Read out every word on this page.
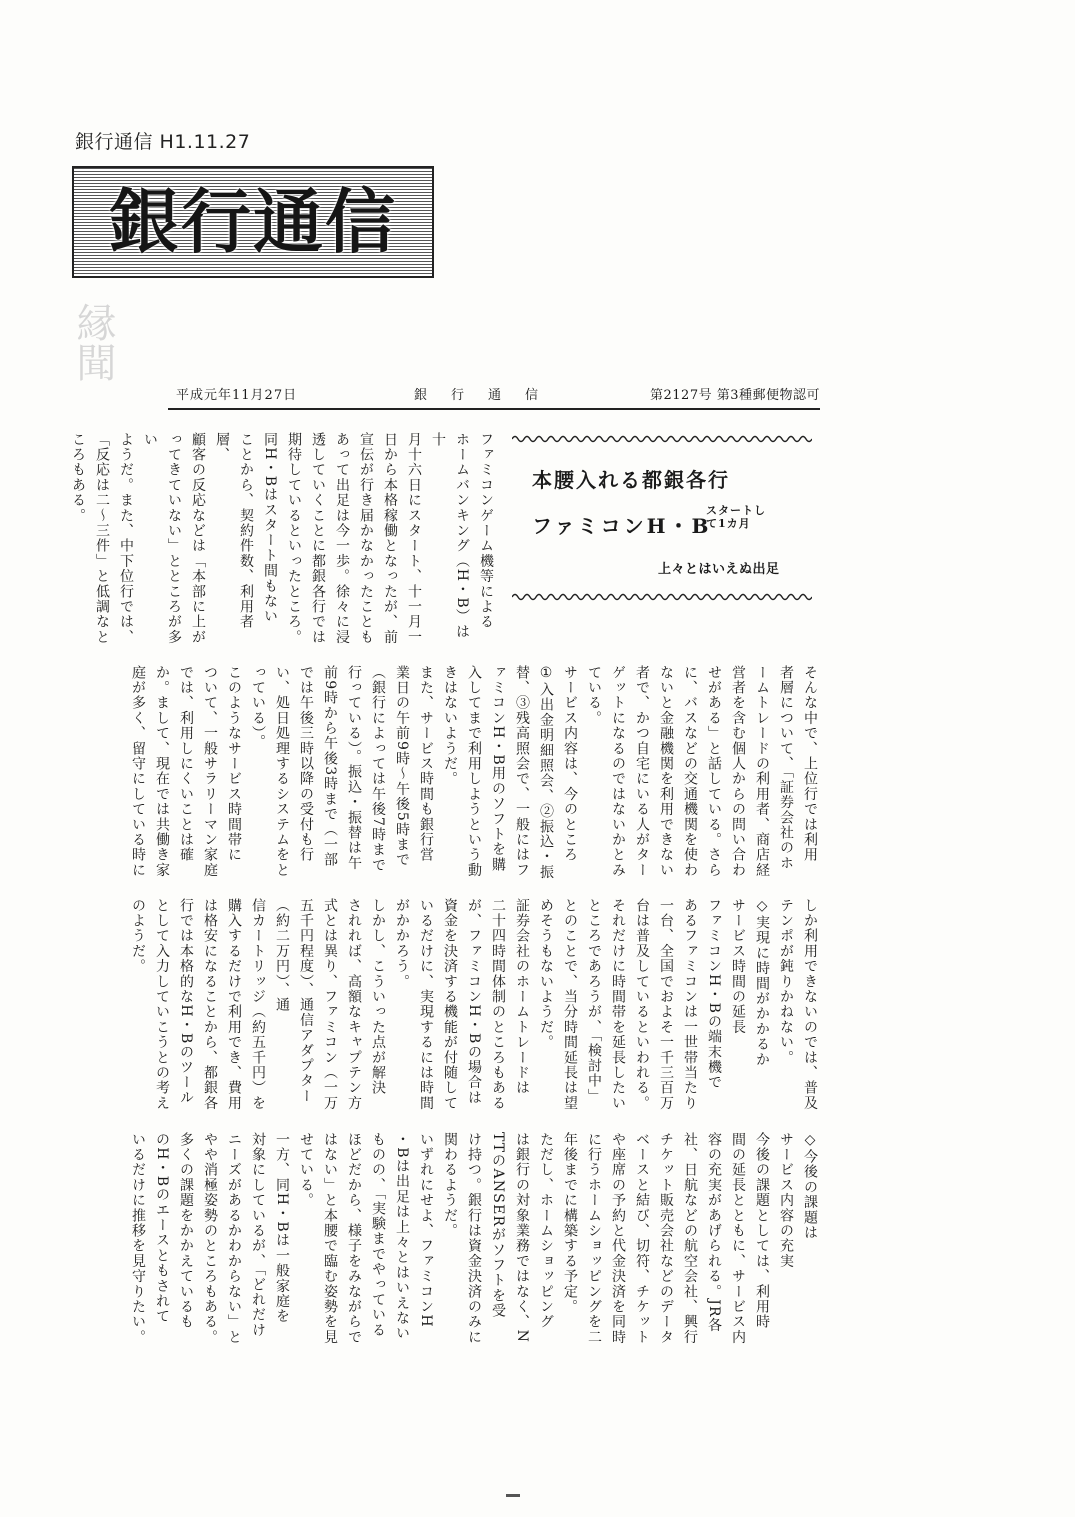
銀行通信 H1.11.27
銀行通信
縁聞
平成元年11月27日	銀行通信	第2127号 第3種郵便物認可
本腰入れる都銀各行
ファミコンH・B
スタートして1カ月
上々とはいえぬ出足
ファミコンゲーム機等による
ホームバンキング（H・B）は十
月十六日にスタート、十一月一
日から本格稼働となったが、前
宣伝が行き届かなかったことも
あって出足は今一歩。徐々に浸
透していくことに都銀各行では
期待しているといったところ。
同H・Bはスタート間もない
ことから、契約件数、利用者層、
顧客の反応などは「本部に上が
ってきていない」とところが多い
ようだ。また、中下位行では、
「反応は二～三件」と低調なと
ころもある。
そんな中で、上位行では利用
者層について、「証券会社のホ
ームトレードの利用者、商店経
営者を含む個人からの問い合わ
せがある」と話している。さら
に、バスなどの交通機関を使わ
ないと金融機関を利用できない
者で、かつ自宅にいる人がター
ゲットになるのではないかとみ
ている。
サービス内容は、今のところ
①入出金明細照会、②振込・振
替、③残高照会で、一般にはフ
ァミコンH・B用のソフトを購
入してまで利用しようという動
きはないようだ。
また、サービス時間も銀行営
業日の午前9時～午後5時まで
（銀行によっては午後7時まで
行っている）。振込・振替は午
前9時から午後3時まで（一部
では午後三時以降の受付も行
い、処日処理するシステムをと
っている）。
このようなサービス時間帯に
ついて、一般サラリーマン家庭
では、利用しにくいことは確
か。まして、現在では共働き家
庭が多く、留守にしている時に
しか利用できないのでは、普及
テンポが鈍りかねない。
◇実現に時間がかかるか
サービス時間の延長
ファミコンH・Bの端末機で
あるファミコンは一世帯当たり
一台、全国でおよそ一千三百万
台は普及しているといわれる。
それだけに時間帯を延長したい
ところであろうが、「検討中」
とのことで、当分時間延長は望
めそうもないようだ。
証券会社のホームトレードは
二十四時間体制のところもある
が、ファミコンH・Bの場合は
資金を決済する機能が付随して
いるだけに、実現するには時間
がかかろう。
しかし、こういった点が解決
されれば、高額なキャプテン方
式とは異り、ファミコン（一万
五千円程度）、通信アダプター（約二万円）、通
信カートリッジ（約五千円）を
購入するだけで利用でき、費用
は格安になることから、都銀各
行では本格的なH・Bのツール
として入力していこうとの考え
のようだ。
◇今後の課題は
サービス内容の充実
今後の課題としては、利用時
間の延長とともに、サービス内
容の充実があげられる。JR各
社、日航などの航空会社、興行
チケット販売会社などのデータ
ベースと結び、切符、チケット
や座席の予約と代金決済を同時
に行うホームショッピングを二
年後までに構築する予定。
ただし、ホームショッピング
は銀行の対象業務ではなく、N
TTのANSERがソフトを受
け持つ。銀行は資金決済のみに
関わるようだ。
いずれにせよ、ファミコンH
・Bは出足は上々とはいえない
ものの、「実験までやっている
ほどだから、様子をみながらで
はない」と本腰で臨む姿勢を見
せている。
一方、同H・Bは一般家庭を
対象にしているが、「どれだけ
ニーズがあるかわからない」と
やや消極姿勢のところもある。
多くの課題をかかえているも
のH・Bのエースともされて
いるだけに推移を見守りたい。
